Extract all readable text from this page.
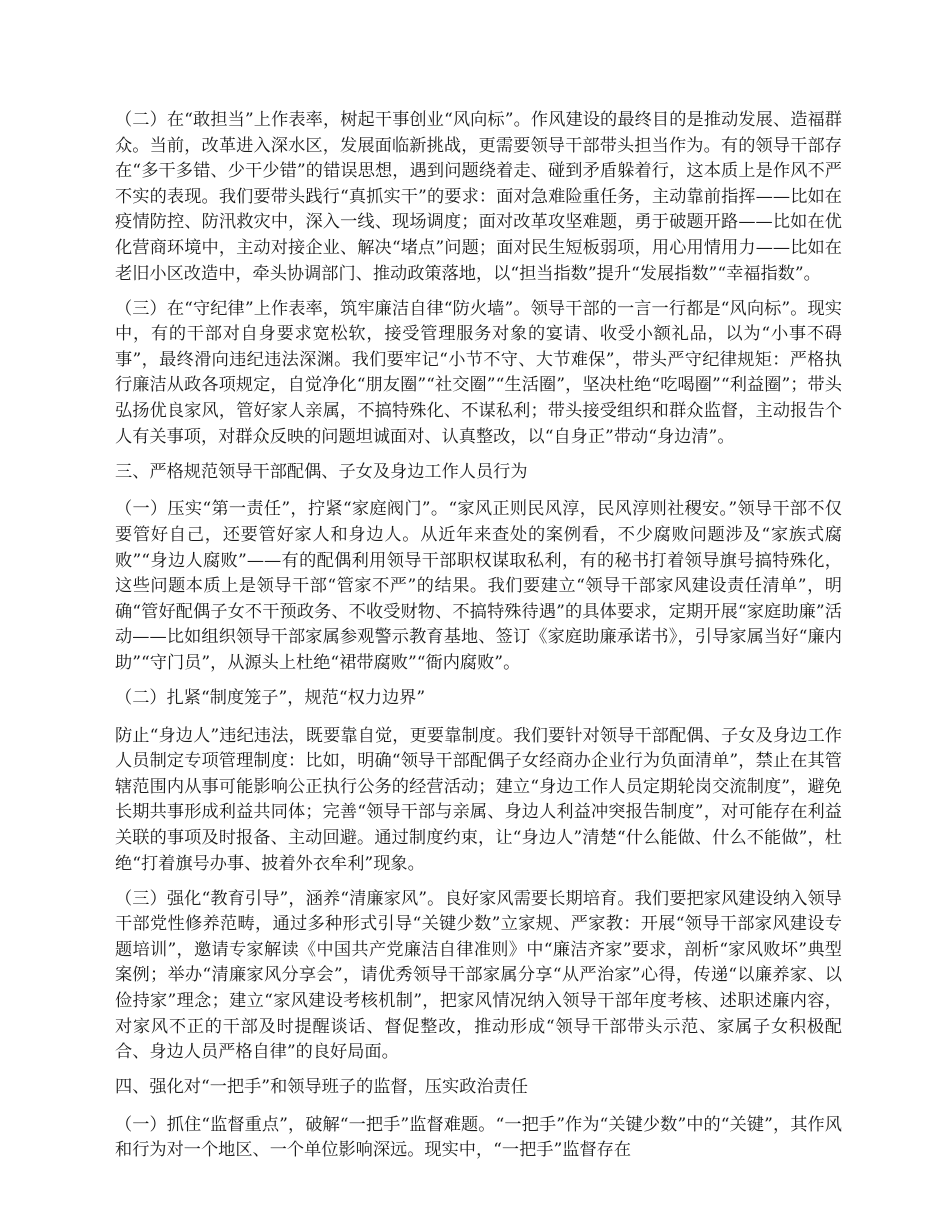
（二）在“敢担当”上作表率，树起干事创业“风向标”。作风建设的最终目的是推动发展、造福群众。当前，改革进入深水区，发展面临新挑战，更需要领导干部带头担当作为。有的领导干部存在“多干多错、少干少错”的错误思想，遇到问题绕着走、碰到矛盾躲着行，这本质上是作风不严不实的表现。我们要带头践行“真抓实干”的要求：面对急难险重任务，主动靠前指挥——比如在疫情防控、防汛救灾中，深入一线、现场调度；面对改革攻坚难题，勇于破题开路——比如在优化营商环境中，主动对接企业、解决“堵点”问题；面对民生短板弱项，用心用情用力——比如在老旧小区改造中，牵头协调部门、推动政策落地，以“担当指数”提升“发展指数”“幸福指数”。

（三）在“守纪律”上作表率，筑牢廉洁自律“防火墙”。领导干部的一言一行都是“风向标”。现实中，有的干部对自身要求宽松软，接受管理服务对象的宴请、收受小额礼品，以为“小事不碍事”，最终滑向违纪违法深渊。我们要牢记“小节不守、大节难保”，带头严守纪律规矩：严格执行廉洁从政各项规定，自觉净化“朋友圈”“社交圈”“生活圈”，坚决杜绝“吃喝圈”“利益圈”；带头弘扬优良家风，管好家人亲属，不搞特殊化、不谋私利；带头接受组织和群众监督，主动报告个人有关事项，对群众反映的问题坦诚面对、认真整改，以“自身正”带动“身边清”。

三、严格规范领导干部配偶、子女及身边工作人员行为

（一）压实“第一责任”，拧紧“家庭阀门”。“家风正则民风淳，民风淳则社稷安。”领导干部不仅要管好自己，还要管好家人和身边人。从近年来查处的案例看，不少腐败问题涉及“家族式腐败”“身边人腐败”——有的配偶利用领导干部职权谋取私利，有的秘书打着领导旗号搞特殊化，这些问题本质上是领导干部“管家不严”的结果。我们要建立“领导干部家风建设责任清单”，明确“管好配偶子女不干预政务、不收受财物、不搞特殊待遇”的具体要求，定期开展“家庭助廉”活动——比如组织领导干部家属参观警示教育基地、签订《家庭助廉承诺书》，引导家属当好“廉内助”“守门员”，从源头上杜绝“裙带腐败”“衙内腐败”。

（二）扎紧“制度笼子”，规范“权力边界”

防止“身边人”违纪违法，既要靠自觉，更要靠制度。我们要针对领导干部配偶、子女及身边工作人员制定专项管理制度：比如，明确“领导干部配偶子女经商办企业行为负面清单”，禁止在其管辖范围内从事可能影响公正执行公务的经营活动；建立“身边工作人员定期轮岗交流制度”，避免长期共事形成利益共同体；完善“领导干部与亲属、身边人利益冲突报告制度”，对可能存在利益关联的事项及时报备、主动回避。通过制度约束，让“身边人”清楚“什么能做、什么不能做”，杜绝“打着旗号办事、披着外衣牟利”现象。

（三）强化“教育引导”，涵养“清廉家风”。良好家风需要长期培育。我们要把家风建设纳入领导干部党性修养范畴，通过多种形式引导“关键少数”立家规、严家教：开展“领导干部家风建设专题培训”，邀请专家解读《中国共产党廉洁自律准则》中“廉洁齐家”要求，剖析“家风败坏”典型案例；举办“清廉家风分享会”，请优秀领导干部家属分享“从严治家”心得，传递“以廉养家、以俭持家”理念；建立“家风建设考核机制”，把家风情况纳入领导干部年度考核、述职述廉内容，对家风不正的干部及时提醒谈话、督促整改，推动形成“领导干部带头示范、家属子女积极配合、身边人员严格自律”的良好局面。

四、强化对“一把手”和领导班子的监督，压实政治责任

（一）抓住“监督重点”，破解“一把手”监督难题。“一把手”作为“关键少数”中的“关键”，其作风和行为对一个地区、一个单位影响深远。现实中，“一把手”监督存在
